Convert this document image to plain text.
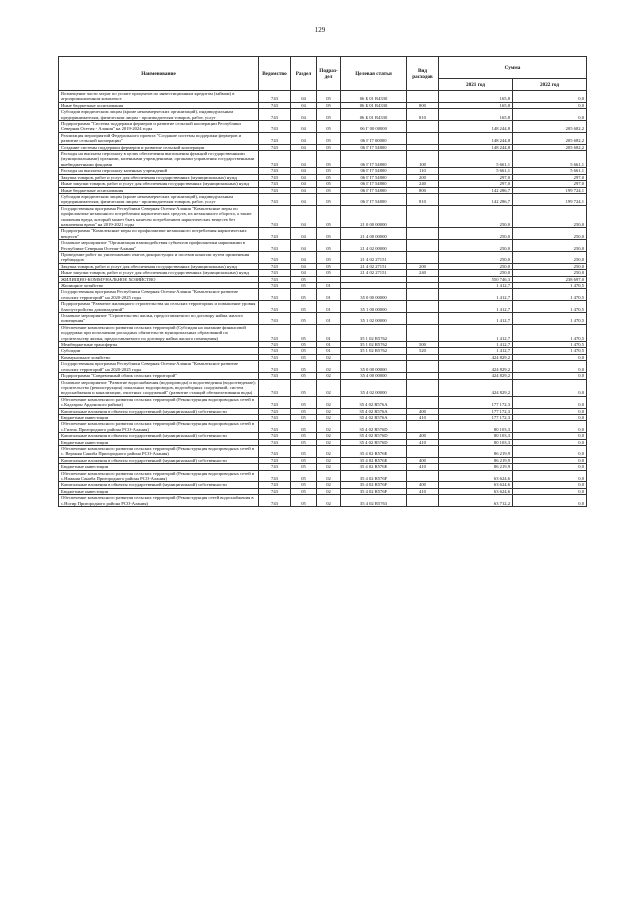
129
Наименование	Ведомство	Раздел	Подраз-дел	Целевая статья	Вид расходов	Сумма	
						2021 год	2022 год
Возмещение части затрат по уплате процентов по инвестиционным кредитам (займам) в агропромышленном комплексе	743	04	05	06 Б 01 R4330		165,8	0,0
Иные бюджетные ассигнования	743	04	05	06 Б 01 R4330	800	165,8	0,0
Субсидии юридическим лицам (кроме некоммерческих организаций), индивидуальным предпринимателям, физическим лицам - производителям товаров, работ, услуг	743	04	05	06 Б 01 R4330	810	165,8	0,0
Подпрограмма "Система поддержки фермеров и развитие сельской кооперации Республики Северная Осетия - Алания" на 2019-2024 годы	743	04	05	06 Г 00 00000		148 244,8	205 682,2
Реализация мероприятий Федерального проекта "Создание системы поддержки фермеров и развитие сельской кооперации"	743	04	05	06 Г I7 00000		148 244,8	205 682,2
Создание системы поддержки фермеров и развитие сельской кооперации	743	04	05	06 Г I7 54800		148 244,8	205 682,2
Расходы на выплаты персоналу в целях обеспечения выполнения функций государственными (муниципальными) органами, казенными учреждениями, органами управления государственными внебюджетными фондами	743	04	05	06 Г I7 54800	100	5 661,1	5 661,1
Расходы на выплаты персоналу казенных учреждений	743	04	05	06 Г I7 54800	110	5 661,1	5 661,1
Закупка товаров, работ и услуг для обеспечения государственных (муниципальных) нужд	743	04	05	06 Г I7 54800	200	297,0	297,0
Иные закупки товаров, работ и услуг для обеспечения государственных (муниципальных) нужд	743	04	05	06 Г I7 54800	240	297,0	297,0
Иные бюджетные ассигнования	743	04	05	06 Г I7 54800	800	142 286,7	199 724,1
Субсидии юридическим лицам (кроме некоммерческих организаций), индивидуальным предпринимателям, физическим лицам - производителям товаров, работ, услуг	743	04	05	06 Г I7 54800	810	142 286,7	199 724,1
Государственная программа Республики Северная Осетия-Алания "Комплексные меры по профилактике незаконного потребления наркотических средств, их незаконного оборота, а также снижения вреда, который может быть нанесен потреблением наркотических веществ без назначения врача" на 2019-2021 годы	743	04	05	21 0 00 00000		250,0	250,0
Подпрограмма "Комплексные меры по профилактике незаконного потребления наркотических веществ"	743	04	05	21 4 00 00000		250,0	250,0
Основное мероприятие "Организация взаимодействия субъектов профилактики наркомании в Республике Северная Осетия-Алания"	743	04	05	21 4 02 00000		250,0	250,0
Проведение работ по уничтожению очагов дикорастущих и посевов конопли путем применения гербицидов	743	04	05	21 4 02 27151		250,0	250,0
Закупка товаров, работ и услуг для обеспечения государственных (муниципальных) нужд	743	04	05	21 4 02 27151	200	250,0	250,0
Иные закупки товаров, работ и услуг для обеспечения государственных (муниципальных) нужд	743	04	05	21 4 02 27151	240	250,0	250,0
ЖИЛИЩНО-КОММУНАЛЬНОЕ ХОЗЯЙСТВО	743	05				550 746,3	238 697,0
Жилищное хозяйство	743	05	01			1 412,7	1 470,5
Государственная программа Республики Северная Осетия-Алания "Комплексное развитие сельских территорий" на 2020-2025 годы	743	05	01	35 0 00 00000		1 412,7	1 470,5
Подпрограмма "Развитие жилищного строительства на сельских территориях и повышение уровня благоустройства домовладений"	743	05	01	35 1 00 00000		1 412,7	1 470,5
Основное мероприятие "Строительство жилья, предоставляемого по договору найма жилого помещения"	743	05	01	35 1 02 00000		1 412,7	1 470,5
Обеспечение комплексного развития сельских территорий (Субсидия на оказание финансовой поддержки при исполнении расходных обязательств муниципальных образований по строительству жилья, предоставляемого по договору найма жилого помещения)	743	05	01	35 1 02 R5762		1 412,7	1 470,5
Межбюджетные трансферты	743	05	01	35 1 02 R5762	500	1 412,7	1 470,5
Субсидии	743	05	01	35 1 02 R5762	520	1 412,7	1 470,5
Коммунальное хозяйство	743	05	02			424 829,2	0,0
Государственная программа Республики Северная Осетия-Алания "Комплексное развитие сельских территорий" на 2020-2025 годы	743	05	02	35 0 00 00000		424 829,2	0,0
Подпрограмма "Современный облик сельских территорий"	743	05	02	35 4 00 00000		424 829,2	0,0
Основное мероприятие "Развитие водоснабжения (водопроводы) и водоотведения (водоотведение); строительство (реконструкция) локальных водопроводов, водозаборных сооружений, систем водоснабжения и канализации, очистных сооружений" (развитие станций обезжелезивания воды)	743	05	02	35 4 02 00000		424 829,2	0,0
Обеспечение комплексного развития сельских территорий (Реконструкция водопроводных сетей в с.Кадгарон Ардонского района)	743	05	02	35 4 02 R576A		177 172,3	0,0
Капитальные вложения в объекты государственной (муниципальной) собственности	743	05	02	35 4 02 R576A	400	177 172,3	0,0
Бюджетные инвестиции	743	05	02	35 4 02 R576A	410	177 172,3	0,0
Обеспечение комплексного развития сельских территорий (Реконструкция водопроводных сетей в с.Гизель Пригородного района РСО-Алания)	743	05	02	35 4 02 R576D		80 103,3	0,0
Капитальные вложения в объекты государственной (муниципальной) собственности	743	05	02	35 4 02 R576D	400	80 103,3	0,0
Бюджетные инвестиции	743	05	02	35 4 02 R576D	410	80 103,3	0,0
Обеспечение комплексного развития сельских территорий (Реконструкция водопроводных сетей в с. Верхняя Саниба Пригородного района РСО-Алания)	743	05	02	35 4 02 R576E		86 219,9	0,0
Капитальные вложения в объекты государственной (муниципальной) собственности	743	05	02	35 4 02 R576E	400	86 219,9	0,0
Бюджетные инвестиции	743	05	02	35 4 02 R576E	410	86 219,9	0,0
Обеспечение комплексного развития сельских территорий (Реконструкция водопроводных сетей в с.Нижняя Саниба Пригородного района РСО-Алания)	743	05	02	35 4 02 R576F		63 624,6	0,0
Капитальные вложения в объекты государственной (муниципальной) собственности	743	05	02	35 4 02 R576F	400	63 624,6	0,0
Бюджетные инвестиции	743	05	02	35 4 02 R576F	410	63 624,6	0,0
Обеспечение комплексного развития сельских территорий (Реконструкция сетей водоснабжения в с.Ногир Пригородного района РСО-Алания)	743	05	02	35 4 02 R5763		63 712,2	0,0
